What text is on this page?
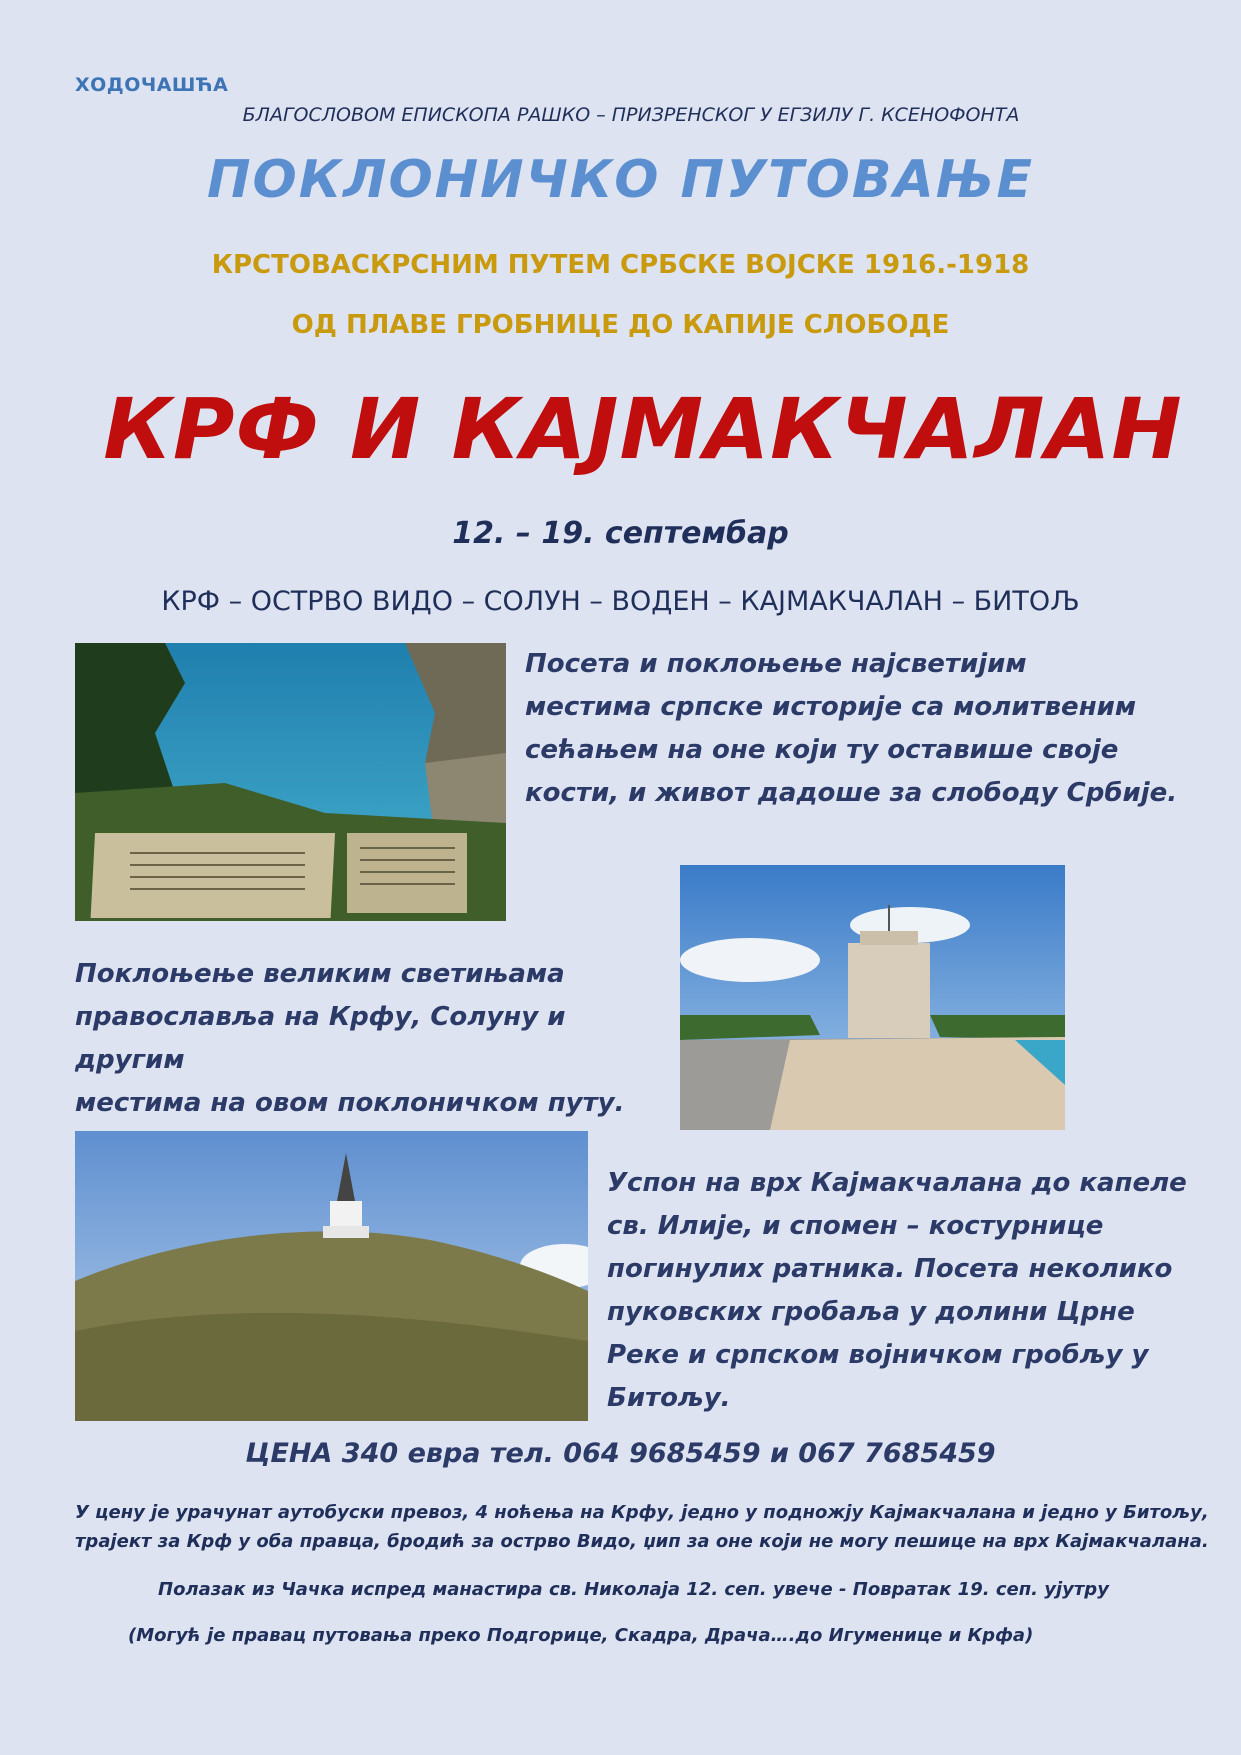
ХОДОЧАШЋА
БЛАГОСЛОВОМ ЕПИСКОПА РАШКО – ПРИЗРЕНСКОГ У ЕГЗИЛУ Г. КСЕНОФОНТА
ПОКЛОНИЧКО ПУТОВАЊЕ
КРСТОВАСКРСНИМ ПУТЕМ СРБСКЕ ВОЈСКЕ 1916.-1918
ОД ПЛАВЕ ГРОБНИЦЕ ДО КАПИЈЕ СЛОБОДЕ
КРФ И КАЈМАКЧАЛАН
12. – 19. септембар
КРФ – ОСТРВО ВИДО – СОЛУН – ВОДЕН – КАЈМАКЧАЛАН – БИТОЉ
Посета и поклоњење најсветијим
местима српске историје са молитвеним
сећањем на оне који ту оставише своје
кости, и живот дадоше за слободу Србије.
Поклоњење великим светињама
православља на Крфу, Солуну и другим
местима на овом поклоничком путу.
Успон на врх Кајмакчалана до капеле
св. Илије, и спомен – костурнице
погинулих ратника. Посета неколико
пуковских гробаља у долини Црне
Реке и српском војничком гробљу у
Битољу.
ЦЕНА 340 евра тел. 064 9685459 и 067 7685459
У цену је урачунат аутобуски превоз, 4 ноћења на Крфу, једно у подножју Кајмакчалана и једно у Битољу,
трајект за Крф у оба правца, бродић за острво Видо, џип за оне који не могу пешице на врх Кајмакчалана.
Полазак из Чачка испред манастира св. Николаја 12. сеп. увече - Повратак 19. сеп. ујутру
(Могућ је правац путовања преко Подгорице, Скадра, Драча….до Игуменице и Крфа)
